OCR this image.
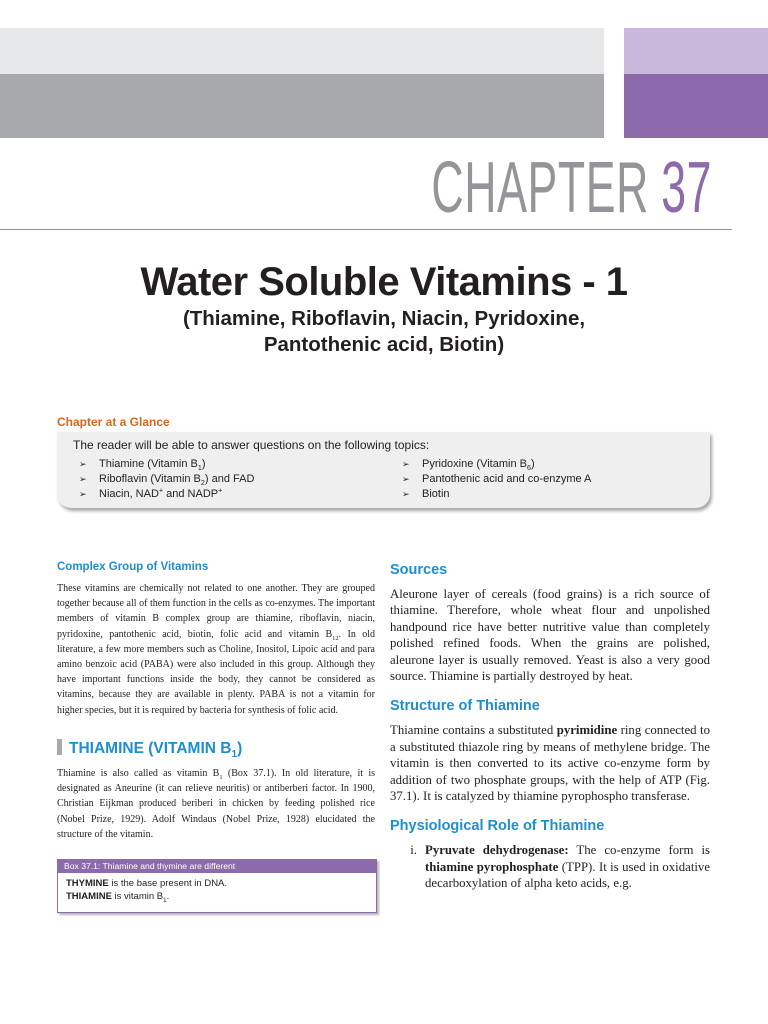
CHAPTER 37
Water Soluble Vitamins - 1
(Thiamine, Riboflavin, Niacin, Pyridoxine,
Pantothenic acid, Biotin)
Chapter at a Glance
The reader will be able to answer questions on the following topics:
➢ Thiamine (Vitamin $B_1$)
➢ Riboflavin (Vitamin $B_2$) and FAD
➢ Niacin, NAD+ and NADP+
➢ Pyridoxine (Vitamin $B_6$)
➢ Pantothenic acid and co-enzyme A
➢ Biotin
Complex Group of Vitamins
These vitamins are chemically not related to one another. They are grouped together because all of them function in the cells as co-enzymes. The important members of vitamin B complex group are thiamine, riboflavin, niacin, pyridoxine, pantothenic acid, biotin, folic acid and vitamin $B_{12}$. In old literature, a few more members such as Choline, Inositol, Lipoic acid and para amino benzoic acid (PABA) were also included in this group. Although they have important functions inside the body, they cannot be considered as vitamins, because they are available in plenty. PABA is not a vitamin for higher species, but it is required by bacteria for synthesis of folic acid.
THIAMINE (VITAMIN $B_1$)
Thiamine is also called as vitamin $B_1$ (Box 37.1). In old literature, it is designated as Aneurine (it can relieve neuritis) or antiberberi factor. In 1900, Christian Eijkman produced beriberi in chicken by feeding polished rice (Nobel Prize, 1929). Adolf Windaus (Nobel Prize, 1928) elucidated the structure of the vitamin.
Box 37.1: Thiamine and thymine are different
THYMINE is the base present in DNA.
THIAMINE is vitamin $B_1$.
Sources
Aleurone layer of cereals (food grains) is a rich source of thiamine. Therefore, whole wheat flour and unpolished handpound rice have better nutritive value than completely polished refined foods. When the grains are polished, aleurone layer is usually removed. Yeast is also a very good source. Thiamine is partially destroyed by heat.
Structure of Thiamine
Thiamine contains a substituted pyrimidine ring connected to a substituted thiazole ring by means of methylene bridge. The vitamin is then converted to its active co-enzyme form by addition of two phosphate groups, with the help of ATP (Fig. 37.1). It is catalyzed by thiamine pyrophospho transferase.
Physiological Role of Thiamine
i. Pyruvate dehydrogenase: The co-enzyme form is thiamine pyrophosphate (TPP). It is used in oxidative decarboxylation of alpha keto acids, e.g.
